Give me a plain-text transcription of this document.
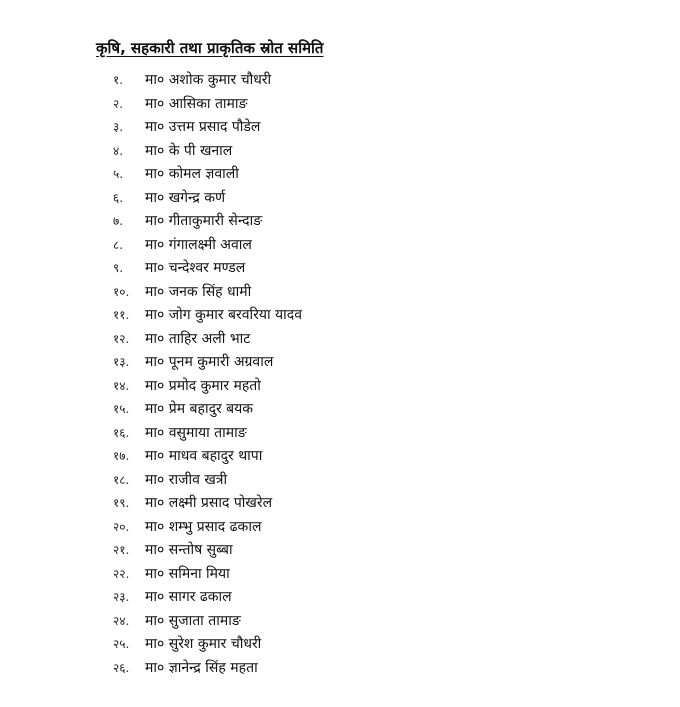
कृषि, सहकारी तथा प्राकृतिक स्रोत समिति
१.	मा० अशोक कुमार चौधरी
२.	मा० आसिका तामाङ
३.	मा० उत्तम प्रसाद पौडेल
४.	मा० के पी खनाल
५.	मा० कोमल ज्ञवाली
६.	मा० खगेन्द्र कर्ण
७.	मा० गीताकुमारी सेन्दाङ
८.	मा० गंगालक्ष्मी अवाल
९.	मा० चन्देश्वर मण्डल
१०.	मा० जनक सिंह धामी
११.	मा० जोग कुमार बरवरिया यादव
१२.	मा० ताहिर अली भाट
१३.	मा० पूनम कुमारी अग्रवाल
१४.	मा० प्रमोद कुमार महतो
१५.	मा० प्रेम बहादुर बयक
१६.	मा० वसुमाया तामाङ
१७.	मा० माधव बहादुर थापा
१८.	मा० राजीव खत्री
१९.	मा० लक्ष्मी प्रसाद पोखरेल
२०.	मा० शम्भु प्रसाद ढकाल
२१.	मा० सन्तोष सुब्बा
२२.	मा० समिना मिया
२३.	मा० सागर ढकाल
२४.	मा० सुजाता तामाङ
२५.	मा० सुरेश कुमार चौधरी
२६.	मा० ज्ञानेन्द्र सिंह महता
